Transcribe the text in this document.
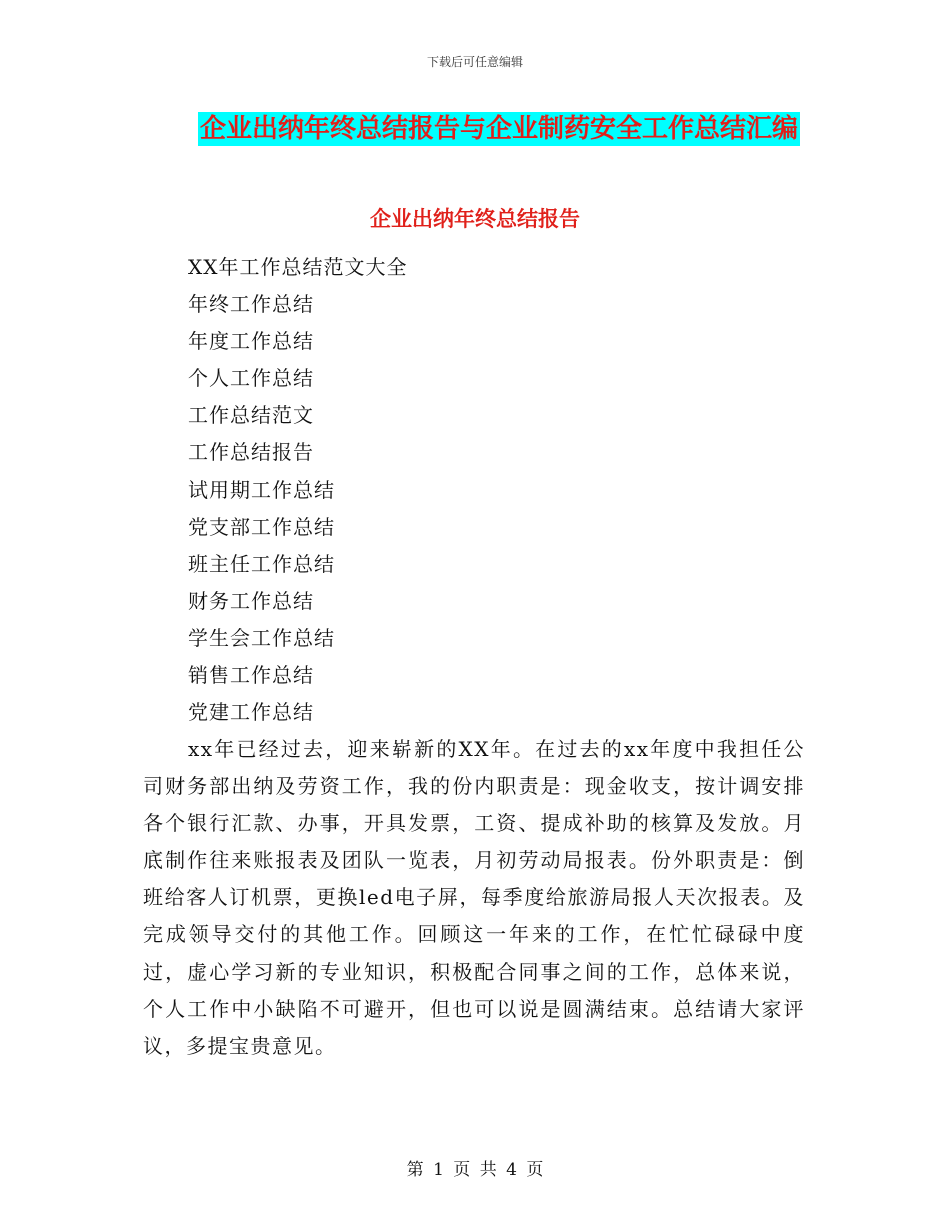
下载后可任意编辑
企业出纳年终总结报告与企业制药安全工作总结汇编
企业出纳年终总结报告
XX年工作总结范文大全
年终工作总结
年度工作总结
个人工作总结
工作总结范文
工作总结报告
试用期工作总结
党支部工作总结
班主任工作总结
财务工作总结
学生会工作总结
销售工作总结
党建工作总结

xx年已经过去，迎来崭新的XX年。在过去的xx年度中我担任公司财务部出纳及劳资工作，我的份内职责是：现金收支，按计调安排各个银行汇款、办事，开具发票，工资、提成补助的核算及发放。月底制作往来账报表及团队一览表，月初劳动局报表。份外职责是：倒班给客人订机票，更换led电子屏，每季度给旅游局报人天次报表。及完成领导交付的其他工作。回顾这一年来的工作，在忙忙碌碌中度过，虚心学习新的专业知识，积极配合同事之间的工作，总体来说，个人工作中小缺陷不可避开，但也可以说是圆满结束。总结请大家评议，多提宝贵意见。

第 1 页 共 4 页
